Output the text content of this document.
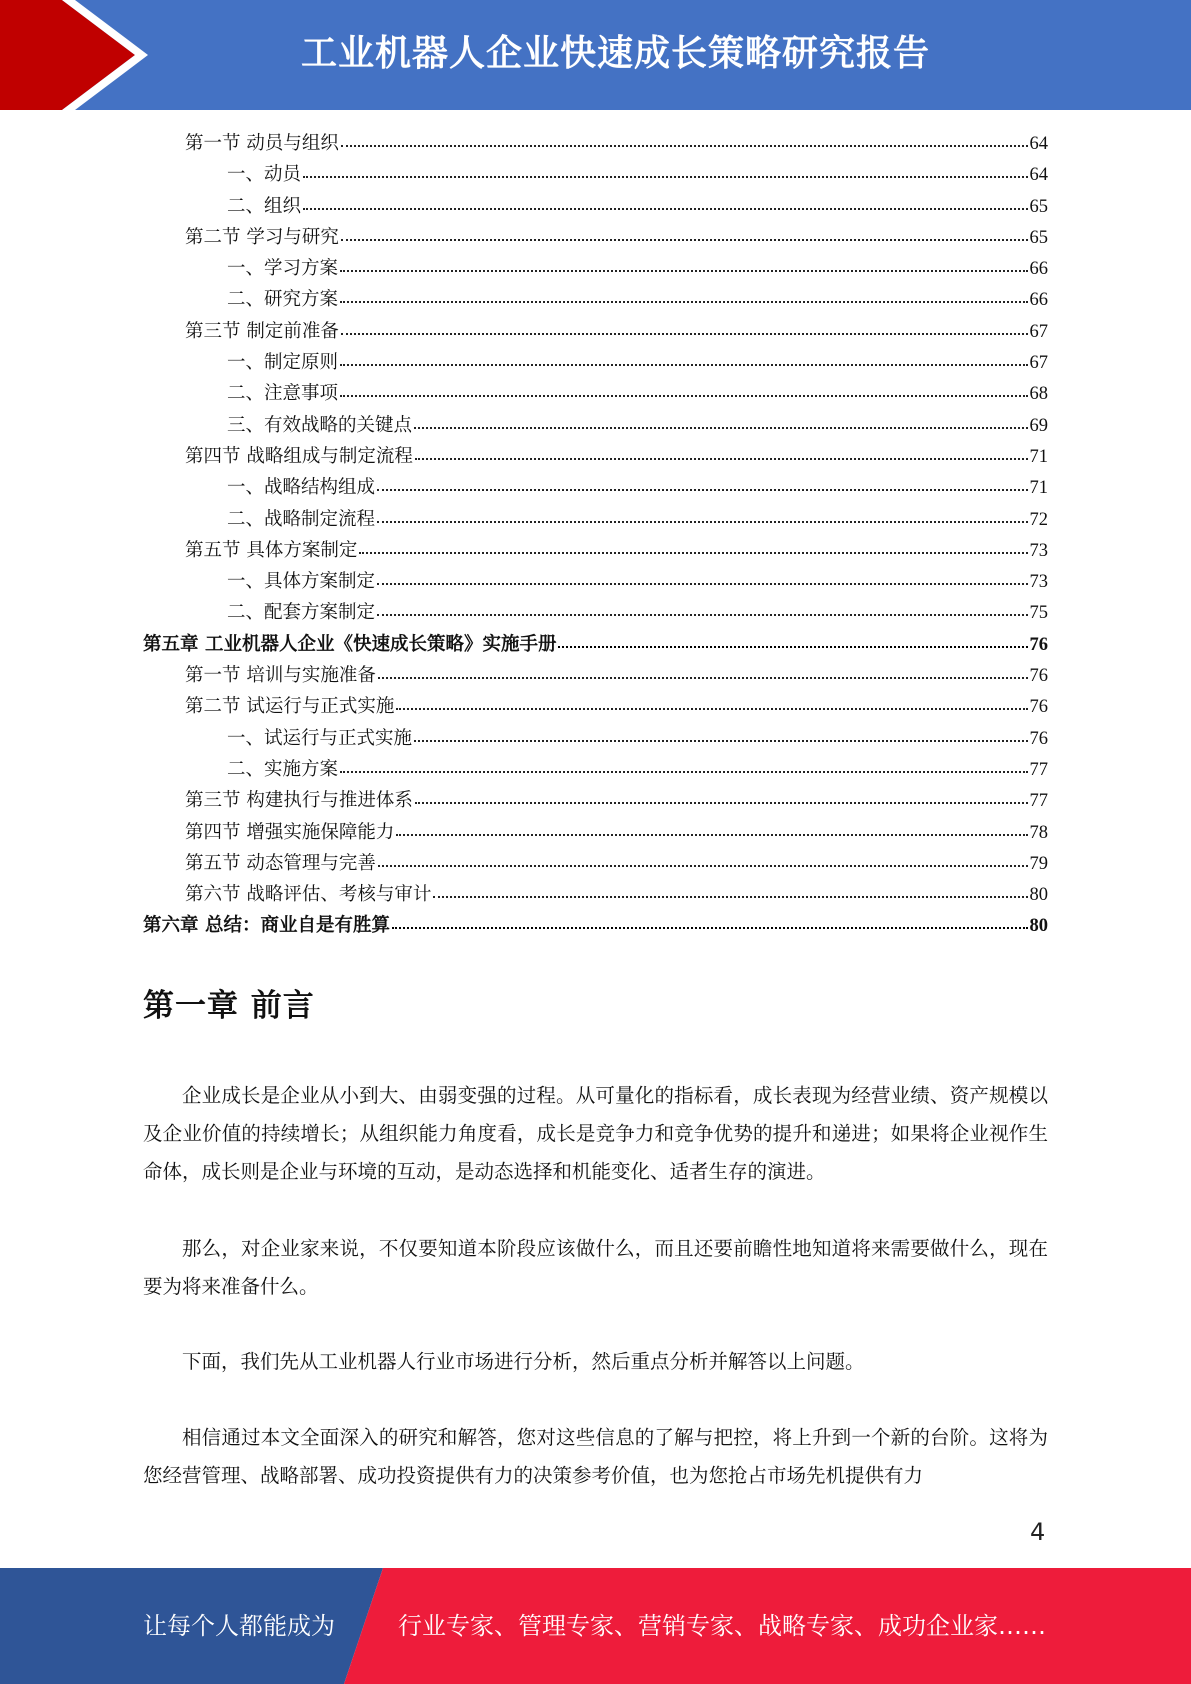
工业机器人企业快速成长策略研究报告
第一节 动员与组织	64
一、动员	64
二、组织	65
第二节 学习与研究	65
一、学习方案	66
二、研究方案	66
第三节 制定前准备	67
一、制定原则	67
二、注意事项	68
三、有效战略的关键点	69
第四节 战略组成与制定流程	71
一、战略结构组成	71
二、战略制定流程	72
第五节 具体方案制定	73
一、具体方案制定	73
二、配套方案制定	75
第五章 工业机器人企业《快速成长策略》实施手册	76
第一节 培训与实施准备	76
第二节 试运行与正式实施	76
一、试运行与正式实施	76
二、实施方案	77
第三节 构建执行与推进体系	77
第四节 增强实施保障能力	78
第五节 动态管理与完善	79
第六节 战略评估、考核与审计	80
第六章 总结：商业自是有胜算	80
第一章 前言

企业成长是企业从小到大、由弱变强的过程。从可量化的指标看，成长表现为经营业绩、资产规模以及企业价值的持续增长；从组织能力角度看，成长是竞争力和竞争优势的提升和递进；如果将企业视作生命体，成长则是企业与环境的互动，是动态选择和机能变化、适者生存的演进。

那么，对企业家来说，不仅要知道本阶段应该做什么，而且还要前瞻性地知道将来需要做什么，现在要为将来准备什么。

下面，我们先从工业机器人行业市场进行分析，然后重点分析并解答以上问题。

相信通过本文全面深入的研究和解答，您对这些信息的了解与把控，将上升到一个新的台阶。这将为您经营管理、战略部署、成功投资提供有力的决策参考价值，也为您抢占市场先机提供有力

4
让每个人都能成为	行业专家、管理专家、营销专家、战略专家、成功企业家……
